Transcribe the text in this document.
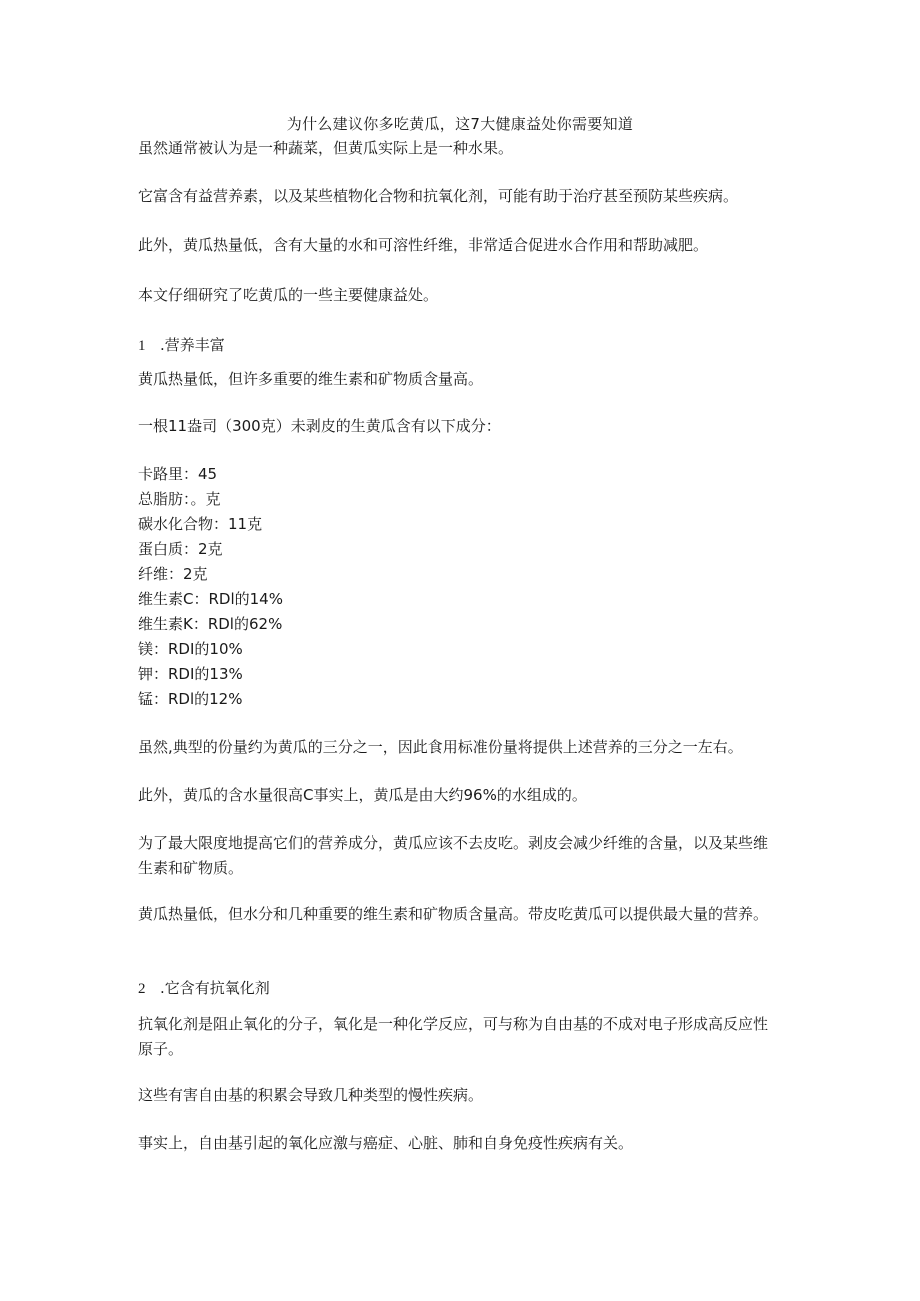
为什么建议你多吃黄瓜，这7大健康益处你需要知道
虽然通常被认为是一种蔬菜，但黄瓜实际上是一种水果。
它富含有益营养素，以及某些植物化合物和抗氧化剂，可能有助于治疗甚至预防某些疾病。
此外，黄瓜热量低，含有大量的水和可溶性纤维，非常适合促进水合作用和帮助减肥。
本文仔细研究了吃黄瓜的一些主要健康益处。
1 .营养丰富
黄瓜热量低，但许多重要的维生素和矿物质含量高。
一根11盎司（300克）未剥皮的生黄瓜含有以下成分：
卡路里：45
总脂肪：。克
碳水化合物：11克
蛋白质：2克
纤维：2克
维生素C：RDl的14%
维生素K：RDl的62%
镁：RDI的10%
钾：RDI的13%
锰：RDl的12%
虽然,典型的份量约为黄瓜的三分之一，因此食用标准份量将提供上述营养的三分之一左右。
此外，黄瓜的含水量很高C事实上，黄瓜是由大约96%的水组成的。
为了最大限度地提高它们的营养成分，黄瓜应该不去皮吃。剥皮会减少纤维的含量，以及某些维生素和矿物质。
黄瓜热量低，但水分和几种重要的维生素和矿物质含量高。带皮吃黄瓜可以提供最大量的营养。
2 .它含有抗氧化剂
抗氧化剂是阻止氧化的分子，氧化是一种化学反应，可与称为自由基的不成对电子形成高反应性原子。
这些有害自由基的积累会导致几种类型的慢性疾病。
事实上，自由基引起的氧化应激与癌症、心脏、肺和自身免疫性疾病有关。
